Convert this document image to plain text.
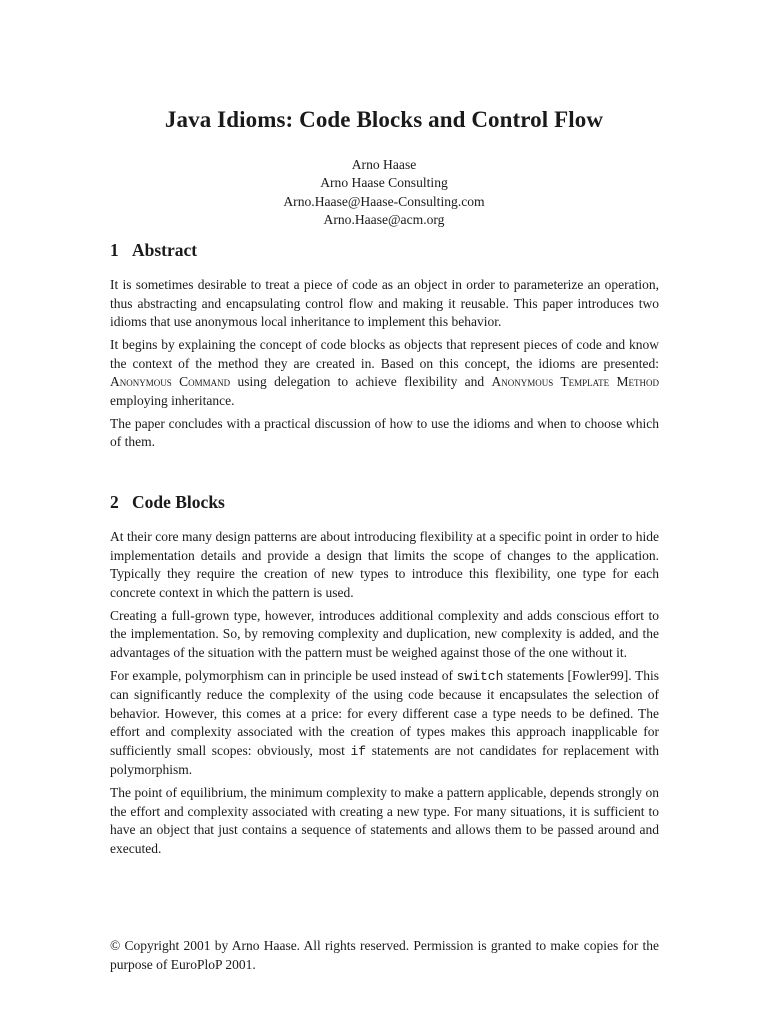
Java Idioms: Code Blocks and Control Flow
Arno Haase
Arno Haase Consulting
Arno.Haase@Haase-Consulting.com
Arno.Haase@acm.org
1 Abstract

It is sometimes desirable to treat a piece of code as an object in order to parameterize an operation, thus abstracting and encapsulating control flow and making it reusable. This paper introduces two idioms that use anonymous local inheritance to implement this behavior.

It begins by explaining the concept of code blocks as objects that represent pieces of code and know the context of the method they are created in. Based on this concept, the idioms are presented: Anonymous Command using delegation to achieve flexibility and Anonymous Template Method employing inheritance.

The paper concludes with a practical discussion of how to use the idioms and when to choose which of them.

2 Code Blocks

At their core many design patterns are about introducing flexibility at a specific point in order to hide implementation details and provide a design that limits the scope of changes to the application. Typically they require the creation of new types to introduce this flexibility, one type for each concrete context in which the pattern is used.

Creating a full-grown type, however, introduces additional complexity and adds conscious effort to the implementation. So, by removing complexity and duplication, new complexity is added, and the advantages of the situation with the pattern must be weighed against those of the one without it.

For example, polymorphism can in principle be used instead of switch statements [Fowler99]. This can significantly reduce the complexity of the using code because it encapsulates the selection of behavior. However, this comes at a price: for every different case a type needs to be defined. The effort and complexity associated with the creation of types makes this approach inapplicable for sufficiently small scopes: obviously, most if statements are not candidates for replacement with polymorphism.

The point of equilibrium, the minimum complexity to make a pattern applicable, depends strongly on the effort and complexity associated with creating a new type. For many situations, it is sufficient to have an object that just contains a sequence of statements and allows them to be passed around and executed.

© Copyright 2001 by Arno Haase. All rights reserved. Permission is granted to make copies for the purpose of EuroPloP 2001.
